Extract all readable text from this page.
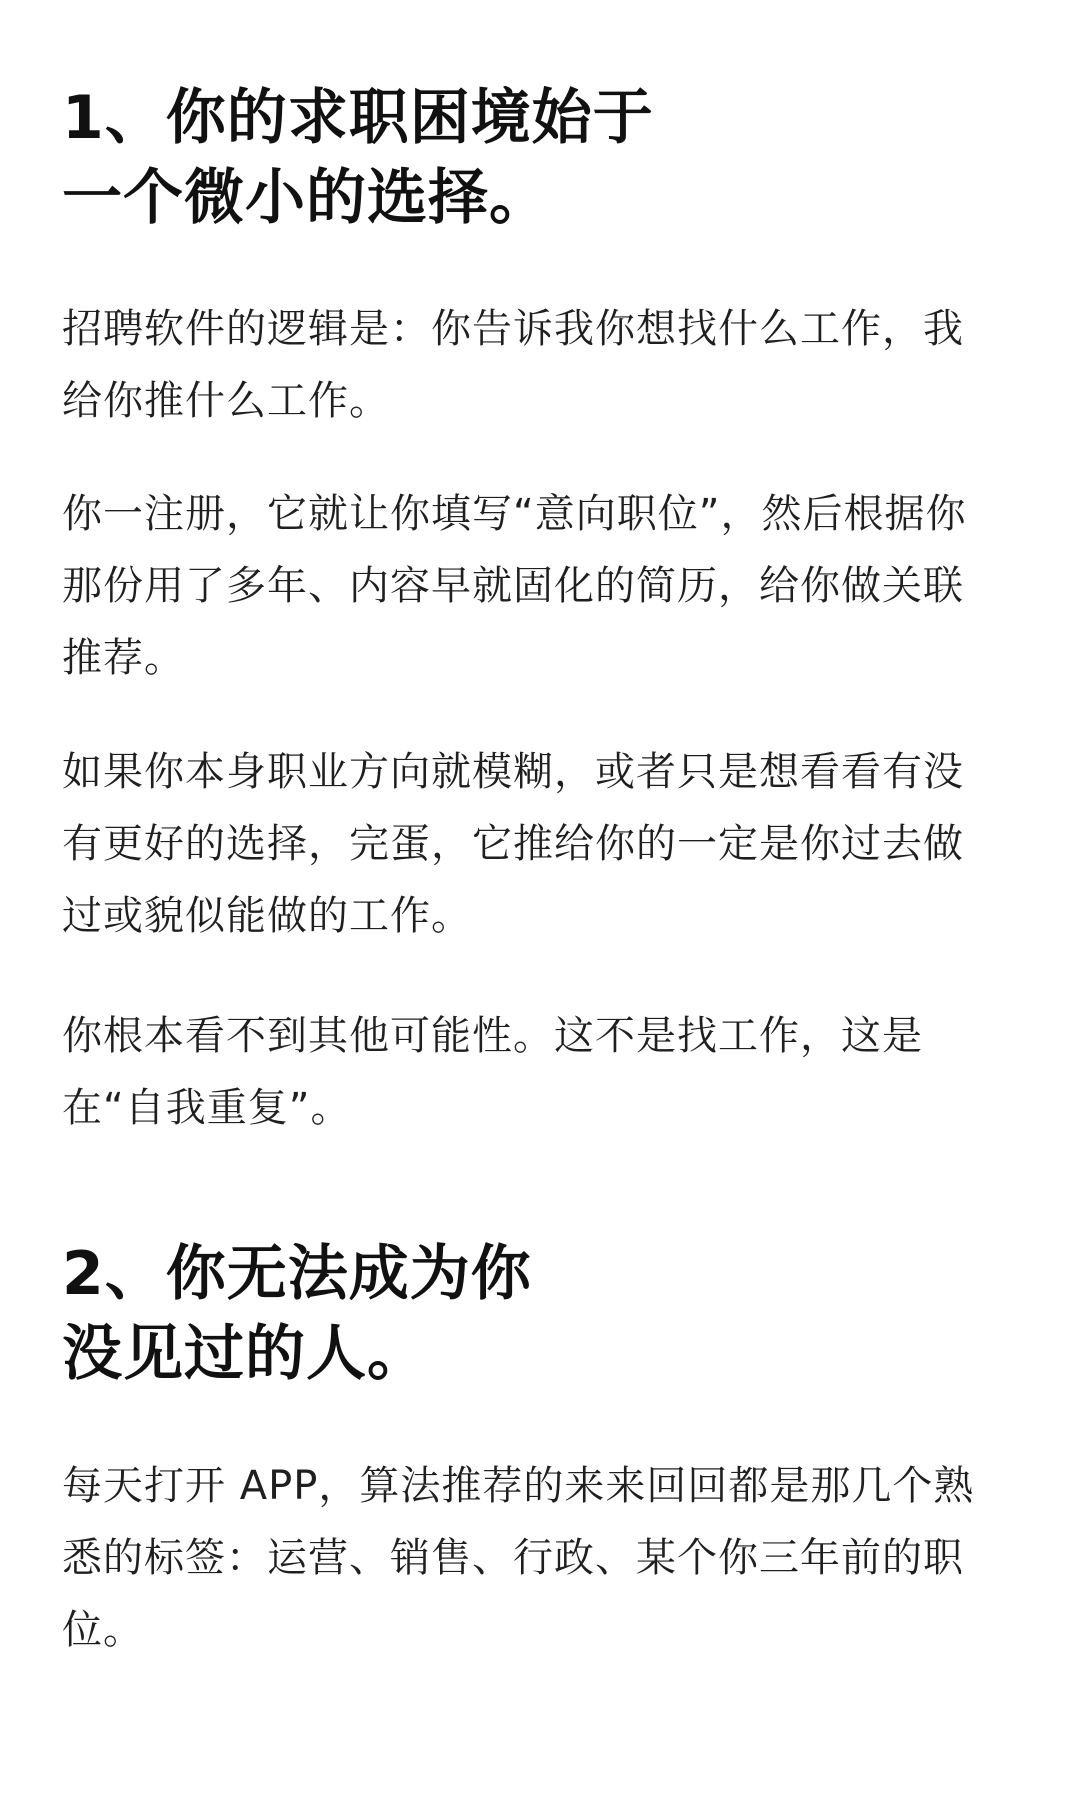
1、你的求职困境始于
一个微小的选择。

招聘软件的逻辑是：你告诉我你想找什么工作，我
给你推什么工作。

你一注册，它就让你填写“意向职位”，然后根据你
那份用了多年、内容早就固化的简历，给你做关联
推荐。

如果你本身职业方向就模糊，或者只是想看看有没
有更好的选择，完蛋，它推给你的一定是你过去做
过或貌似能做的工作。

你根本看不到其他可能性。这不是找工作，这是
在“自我重复”。

2、你无法成为你
没见过的人。

每天打开 APP，算法推荐的来来回回都是那几个熟
悉的标签：运营、销售、行政、某个你三年前的职
位。
